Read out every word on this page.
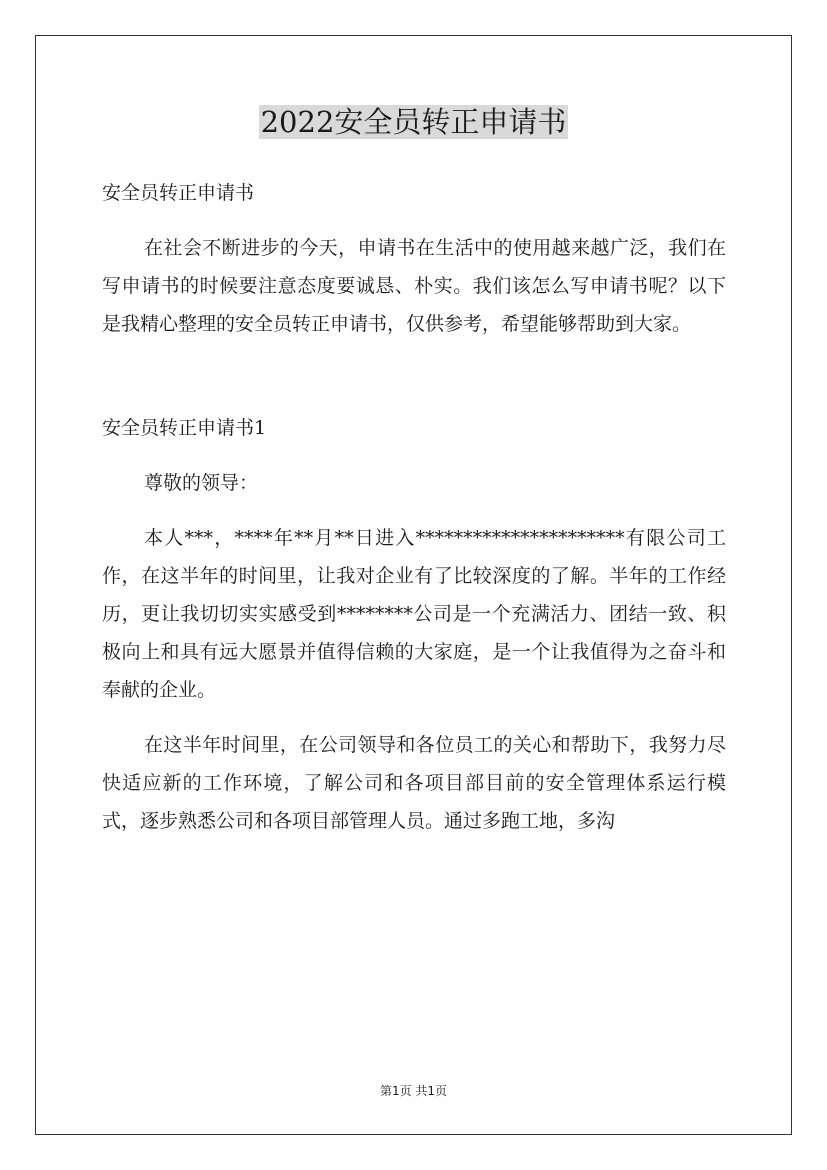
2022安全员转正申请书

安全员转正申请书

在社会不断进步的今天，申请书在生活中的使用越来越广泛，我们在写申请书的时候要注意态度要诚恳、朴实。我们该怎么写申请书呢？以下是我精心整理的安全员转正申请书，仅供参考，希望能够帮助到大家。

安全员转正申请书1

尊敬的领导：

本人***，****年**月**日进入**********************有限公司工作，在这半年的时间里，让我对企业有了比较深度的了解。半年的工作经历，更让我切切实实感受到********公司是一个充满活力、团结一致、积极向上和具有远大愿景并值得信赖的大家庭，是一个让我值得为之奋斗和奉献的企业。

在这半年时间里，在公司领导和各位员工的关心和帮助下，我努力尽快适应新的工作环境，了解公司和各项目部目前的安全管理体系运行模式，逐步熟悉公司和各项目部管理人员。通过多跑工地，多沟

第1页 共1页
